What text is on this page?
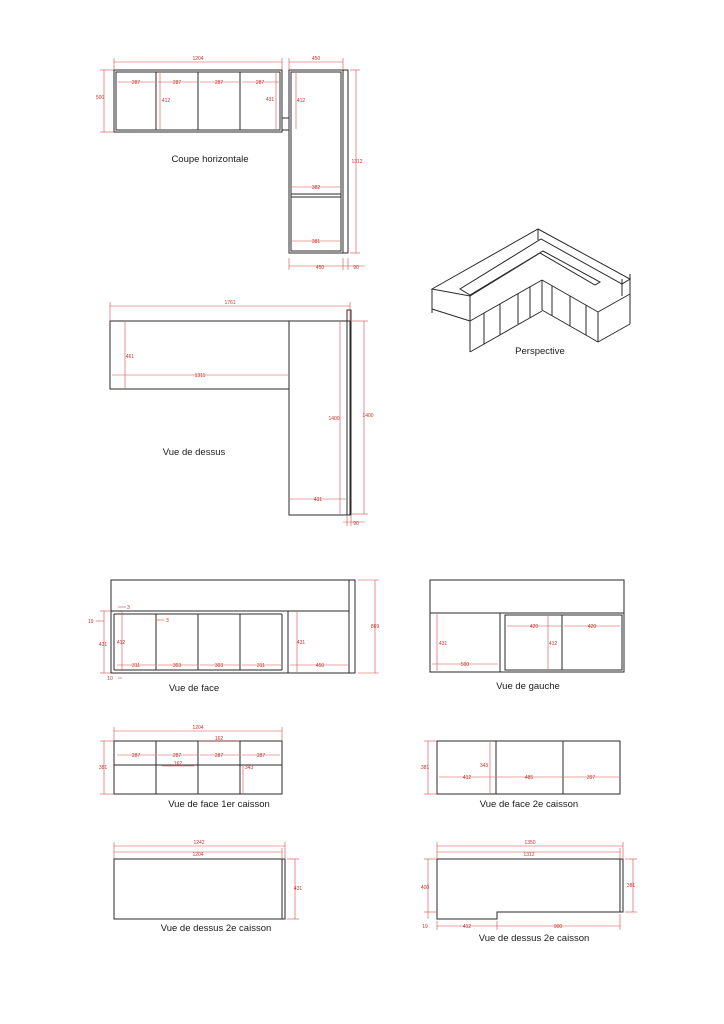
1204	450
287	287	287	287
500	412	431	412
1312
382
381
450	90
Coupe horizontale
Perspective
1761
461
1311
1400	1400
431
90
Vue de dessus
3
3
19
412
431
311	303	303	311
431
450
869
10
Vue de face
420	420
431	412
500
Vue de gauche
1204
162
287	287	287	287
381
162
343
Vue de face 1er caisson
381	343
412	485	397
Vue de face 2e caisson
1242
1204
431
Vue de dessus 2e caisson
1350
1312
400	381
19	412	900
Vue de dessus 2e caisson
